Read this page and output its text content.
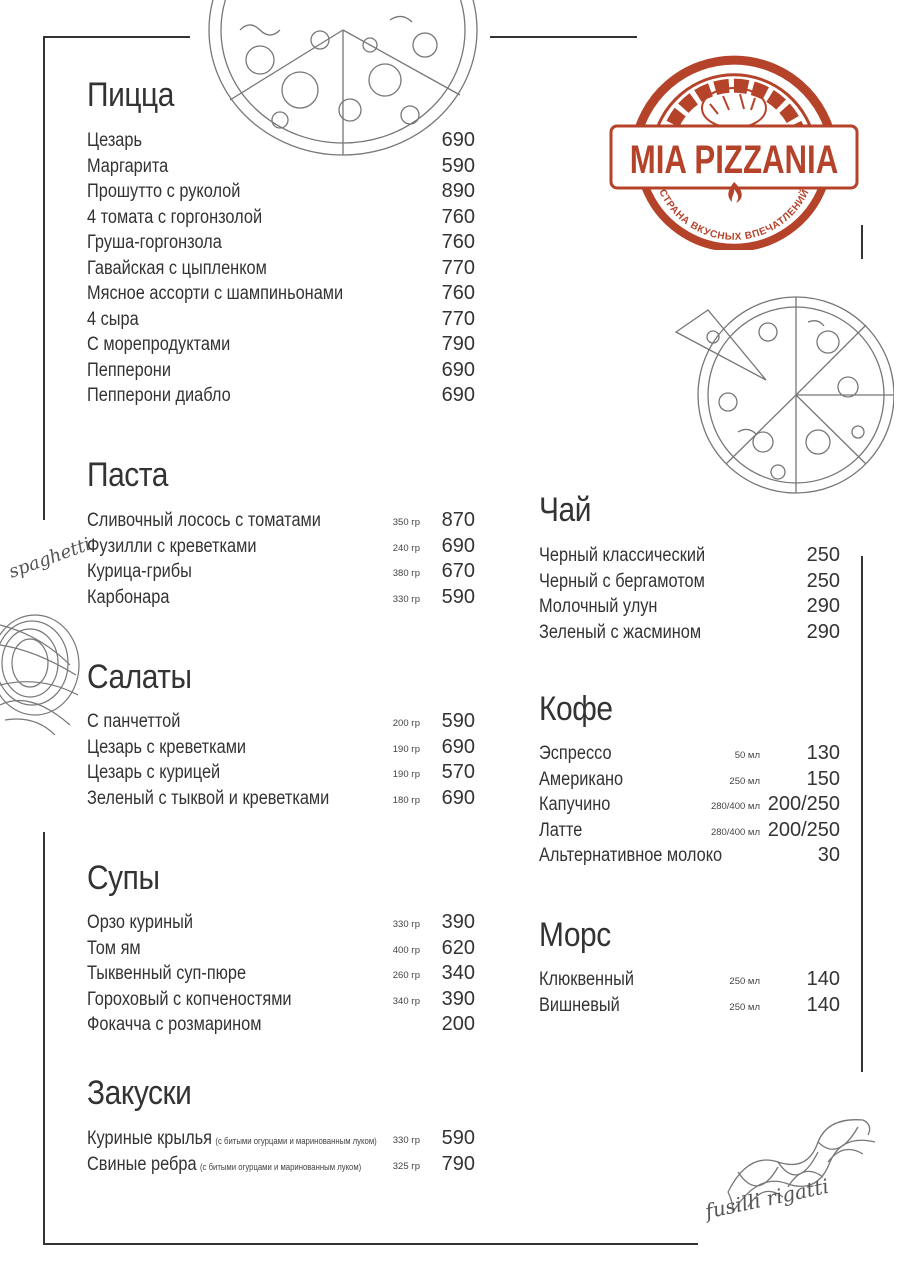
MIA PIZZANIA
СТРАНА ВКУСНЫХ ВПЕЧАТЛЕНИЙ
spaghetti
fusilli rigatti
Пицца
Цезарь	690
Маргарита	590
Прошутто с руколой	890
4 томата с горгонзолой	760
Груша-горгонзола	760
Гавайская с цыпленком	770
Мясное ассорти с шампиньонами	760
4 сыра	770
С морепродуктами	790
Пепперони	690
Пепперони диабло	690
Паста
Сливочный лосось с томатами	350 гр 870
Фузилли с креветками	240 гр 690
Курица-грибы	380 гр 670
Карбонара	330 гр 590
Салаты
С панчеттой	200 гр 590
Цезарь с креветками	190 гр 690
Цезарь с курицей	190 гр 570
Зеленый с тыквой и креветками	180 гр 690
Супы
Орзо куриный	330 гр 390
Том ям	400 гр 620
Тыквенный суп-пюре	260 гр 340
Гороховый с копченостями	340 гр 390
Фокачча с розмарином	200
Закуски
Куриные крылья (с битыми огурцами и маринованным луком) 330 гр 590
Свиные ребра (с битыми огурцами и маринованным луком)	325 гр 790
Чай
Черный классический	250
Черный с бергамотом	250
Молочный улун	290
Зеленый с жасмином	290
Кофе
Эспрессо	50 мл 130
Американо	250 мл 150
Капучино	280/400 мл 200/250
Латте	280/400 мл 200/250
Альтернативное молоко	30
Морс
Клюквенный	250 мл 140
Вишневый	250 мл 140
